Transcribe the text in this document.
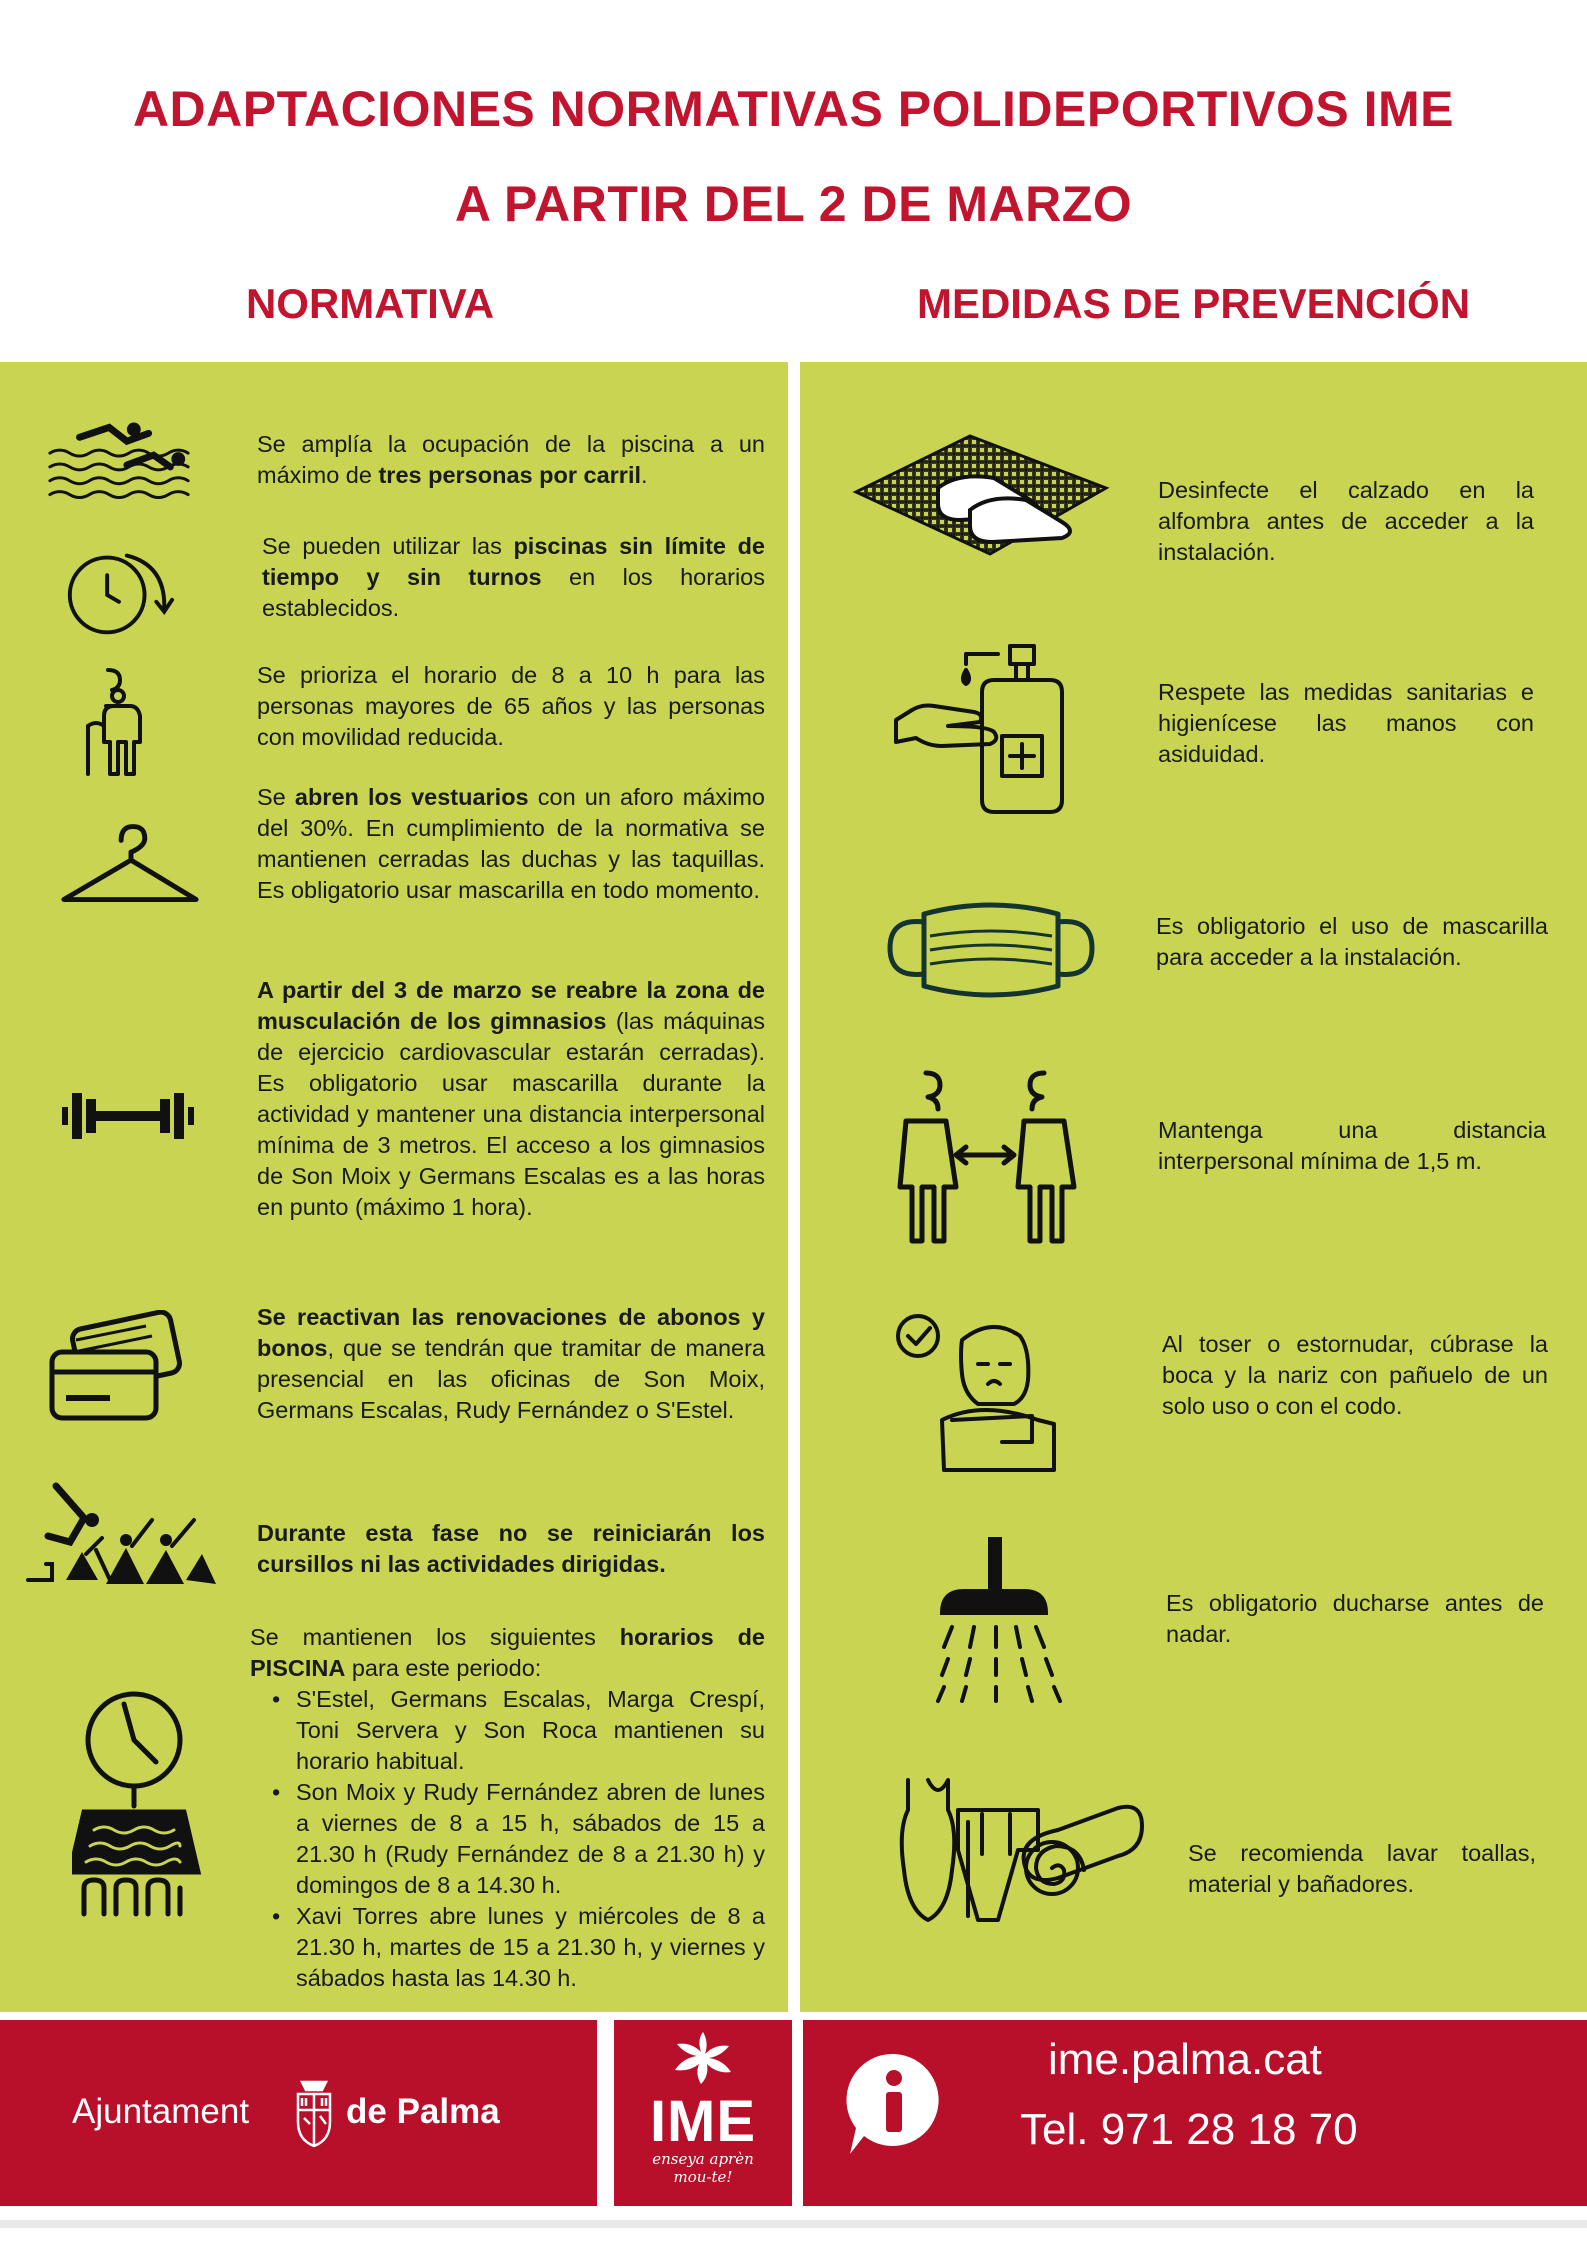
ADAPTACIONES NORMATIVAS POLIDEPORTIVOS IME
A PARTIR DEL 2 DE MARZO
NORMATIVA	MEDIDAS DE PREVENCIÓN

Se amplía la ocupación de la piscina a un máximo de tres personas por carril.

Se pueden utilizar las piscinas sin límite de tiempo y sin turnos en los horarios establecidos.

Se prioriza el horario de 8 a 10 h para las personas mayores de 65 años y las personas con movilidad reducida.

Se abren los vestuarios con un aforo máximo del 30%. En cumplimiento de la normativa se mantienen cerradas las duchas y las taquillas. Es obligatorio usar mascarilla en todo momento.

A partir del 3 de marzo se reabre la zona de musculación de los gimnasios (las máquinas de ejercicio cardiovascular estarán cerradas). Es obligatorio usar mascarilla durante la actividad y mantener una distancia interpersonal mínima de 3 metros. El acceso a los gimnasios de Son Moix y Germans Escalas es a las horas en punto (máximo 1 hora).

Se reactivan las renovaciones de abonos y bonos, que se tendrán que tramitar de manera presencial en las oficinas de Son Moix, Germans Escalas, Rudy Fernández o S'Estel.

Durante esta fase no se reiniciarán los cursillos ni las actividades dirigidas.

Se mantienen los siguientes horarios de PISCINA para este periodo:

• S'Estel, Germans Escalas, Marga Crespí, Toni Servera y Son Roca mantienen su horario habitual.
• Son Moix y Rudy Fernández abren de lunes a viernes de 8 a 15 h, sábados de 15 a 21.30 h (Rudy Fernández de 8 a 21.30 h) y domingos de 8 a 14.30 h.
• Xavi Torres abre lunes y miércoles de 8 a 21.30 h, martes de 15 a 21.30 h, y viernes y sábados hasta las 14.30 h.
Desinfecte el calzado en la alfombra antes de acceder a la instalación.
Respete las medidas sanitarias e higienícese las manos con asiduidad.
Es obligatorio el uso de mascarilla para acceder a la instalación.
Mantenga una distancia interpersonal mínima de 1,5 m.
Al toser o estornudar, cúbrase la boca y la nariz con pañuelo de un solo uso o con el codo.
Es obligatorio ducharse antes de nadar.
Se recomienda lavar toallas, material y bañadores.
Ajuntament	de Palma	IME
enseya aprèn mou-te!
ime.palma.cat
Tel. 971 28 18 70
